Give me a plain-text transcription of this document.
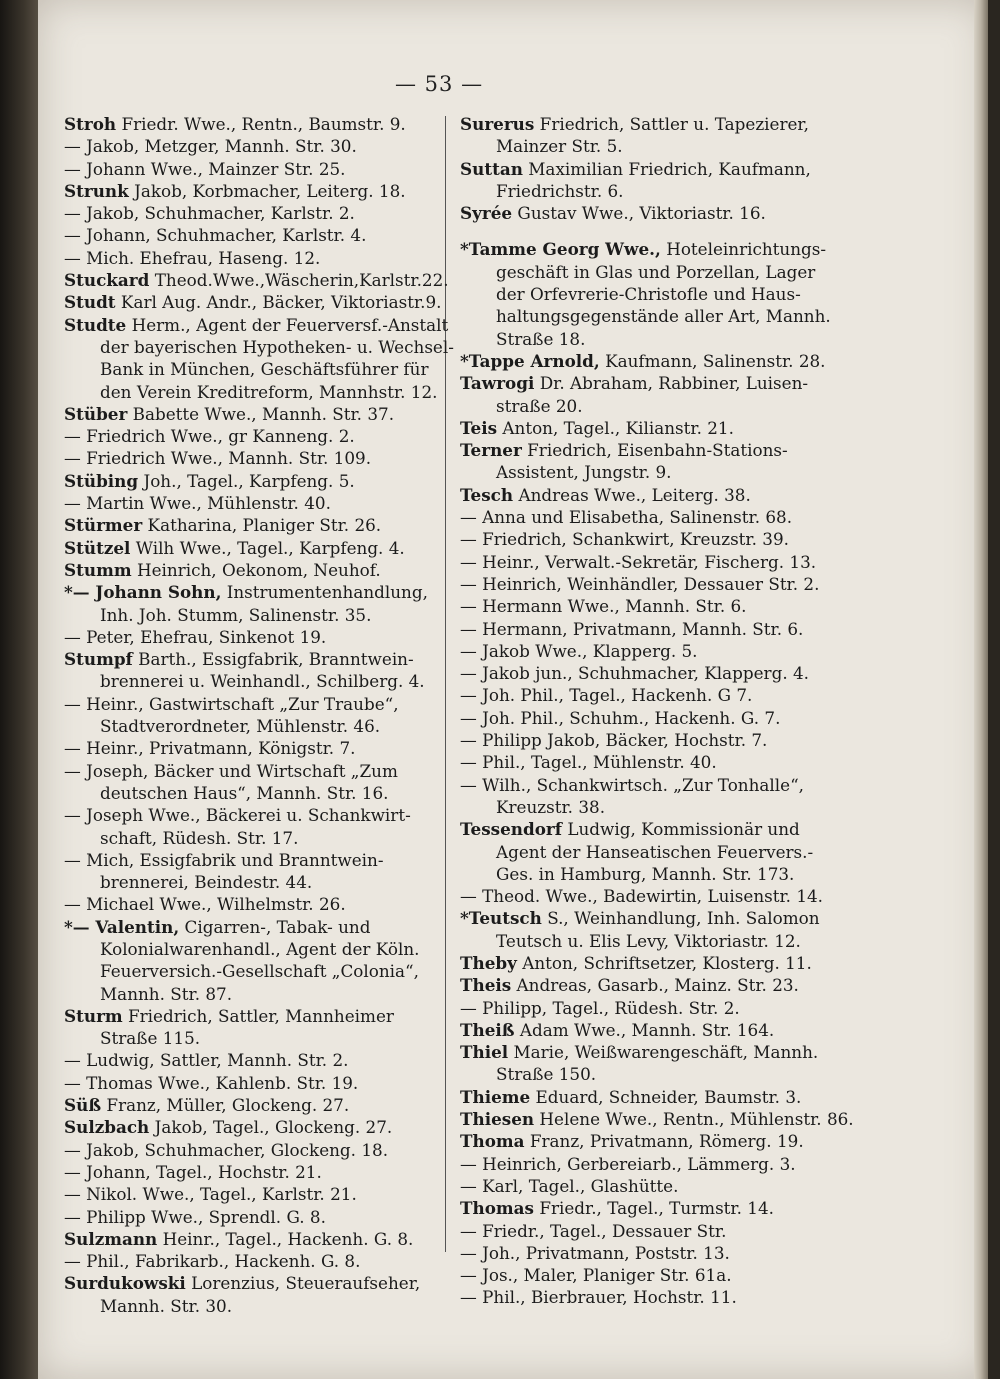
— 53 —
Stroh Friedr. Wwe., Rentn., Baumstr. 9.
— Jakob, Metzger, Mannh. Str. 30.
— Johann Wwe., Mainzer Str. 25.
Strunk Jakob, Korbmacher, Leiterg. 18.
— Jakob, Schuhmacher, Karlstr. 2.
— Johann, Schuhmacher, Karlstr. 4.
— Mich. Ehefrau, Haseng. 12.
Stuckard Theod.Wwe.,Wäscherin,Karlstr.22.
Studt Karl Aug. Andr., Bäcker, Viktoriastr.9.
Studte Herm., Agent der Feuerversf.-Anstalt
der bayerischen Hypotheken- u. Wechsel-
Bank in München, Geschäftsführer für
den Verein Kreditreform, Mannhstr. 12.
Stüber Babette Wwe., Mannh. Str. 37.
— Friedrich Wwe., gr Kanneng. 2.
— Friedrich Wwe., Mannh. Str. 109.
Stübing Joh., Tagel., Karpfeng. 5.
— Martin Wwe., Mühlenstr. 40.
Stürmer Katharina, Planiger Str. 26.
Stützel Wilh Wwe., Tagel., Karpfeng. 4.
Stumm Heinrich, Oekonom, Neuhof.
*— Johann Sohn, Instrumentenhandlung,
Inh. Joh. Stumm, Salinenstr. 35.
— Peter, Ehefrau, Sinkenot 19.
Stumpf Barth., Essigfabrik, Branntwein-
brennerei u. Weinhandl., Schilberg. 4.
— Heinr., Gastwirtschaft „Zur Traube“,
Stadtverordneter, Mühlenstr. 46.
— Heinr., Privatmann, Königstr. 7.
— Joseph, Bäcker und Wirtschaft „Zum
deutschen Haus“, Mannh. Str. 16.
— Joseph Wwe., Bäckerei u. Schankwirt-
schaft, Rüdesh. Str. 17.
— Mich, Essigfabrik und Branntwein-
brennerei, Beindestr. 44.
— Michael Wwe., Wilhelmstr. 26.
*— Valentin, Cigarren-, Tabak- und
Kolonialwarenhandl., Agent der Köln.
Feuerversich.-Gesellschaft „Colonia“,
Mannh. Str. 87.
Sturm Friedrich, Sattler, Mannheimer
Straße 115.
— Ludwig, Sattler, Mannh. Str. 2.
— Thomas Wwe., Kahlenb. Str. 19.
Süß Franz, Müller, Glockeng. 27.
Sulzbach Jakob, Tagel., Glockeng. 27.
— Jakob, Schuhmacher, Glockeng. 18.
— Johann, Tagel., Hochstr. 21.
— Nikol. Wwe., Tagel., Karlstr. 21.
— Philipp Wwe., Sprendl. G. 8.
Sulzmann Heinr., Tagel., Hackenh. G. 8.
— Phil., Fabrikarb., Hackenh. G. 8.
Surdukowski Lorenzius, Steueraufseher,
Mannh. Str. 30.
Surerus Friedrich, Sattler u. Tapezierer,
Mainzer Str. 5.
Suttan Maximilian Friedrich, Kaufmann,
Friedrichstr. 6.
Syrée Gustav Wwe., Viktoriastr. 16.
*Tamme Georg Wwe., Hoteleinrichtungs-
geschäft in Glas und Porzellan, Lager
der Orfevrerie-Christofle und Haus-
haltungsgegenstände aller Art, Mannh.
Straße 18.
*Tappe Arnold, Kaufmann, Salinenstr. 28.
Tawrogi Dr. Abraham, Rabbiner, Luisen-
straße 20.
Teis Anton, Tagel., Kilianstr. 21.
Terner Friedrich, Eisenbahn-Stations-
Assistent, Jungstr. 9.
Tesch Andreas Wwe., Leiterg. 38.
— Anna und Elisabetha, Salinenstr. 68.
— Friedrich, Schankwirt, Kreuzstr. 39.
— Heinr., Verwalt.-Sekretär, Fischerg. 13.
— Heinrich, Weinhändler, Dessauer Str. 2.
— Hermann Wwe., Mannh. Str. 6.
— Hermann, Privatmann, Mannh. Str. 6.
— Jakob Wwe., Klapperg. 5.
— Jakob jun., Schuhmacher, Klapperg. 4.
— Joh. Phil., Tagel., Hackenh. G 7.
— Joh. Phil., Schuhm., Hackenh. G. 7.
— Philipp Jakob, Bäcker, Hochstr. 7.
— Phil., Tagel., Mühlenstr. 40.
— Wilh., Schankwirtsch. „Zur Tonhalle“,
Kreuzstr. 38.
Tessendorf Ludwig, Kommissionär und
Agent der Hanseatischen Feuervers.-
Ges. in Hamburg, Mannh. Str. 173.
— Theod. Wwe., Badewirtin, Luisenstr. 14.
*Teutsch S., Weinhandlung, Inh. Salomon
Teutsch u. Elis Levy, Viktoriastr. 12.
Theby Anton, Schriftsetzer, Klosterg. 11.
Theis Andreas, Gasarb., Mainz. Str. 23.
— Philipp, Tagel., Rüdesh. Str. 2.
Theiß Adam Wwe., Mannh. Str. 164.
Thiel Marie, Weißwarengeschäft, Mannh.
Straße 150.
Thieme Eduard, Schneider, Baumstr. 3.
Thiesen Helene Wwe., Rentn., Mühlenstr. 86.
Thoma Franz, Privatmann, Römerg. 19.
— Heinrich, Gerbereiarb., Lämmerg. 3.
— Karl, Tagel., Glashütte.
Thomas Friedr., Tagel., Turmstr. 14.
— Friedr., Tagel., Dessauer Str.
— Joh., Privatmann, Poststr. 13.
— Jos., Maler, Planiger Str. 61a.
— Phil., Bierbrauer, Hochstr. 11.
